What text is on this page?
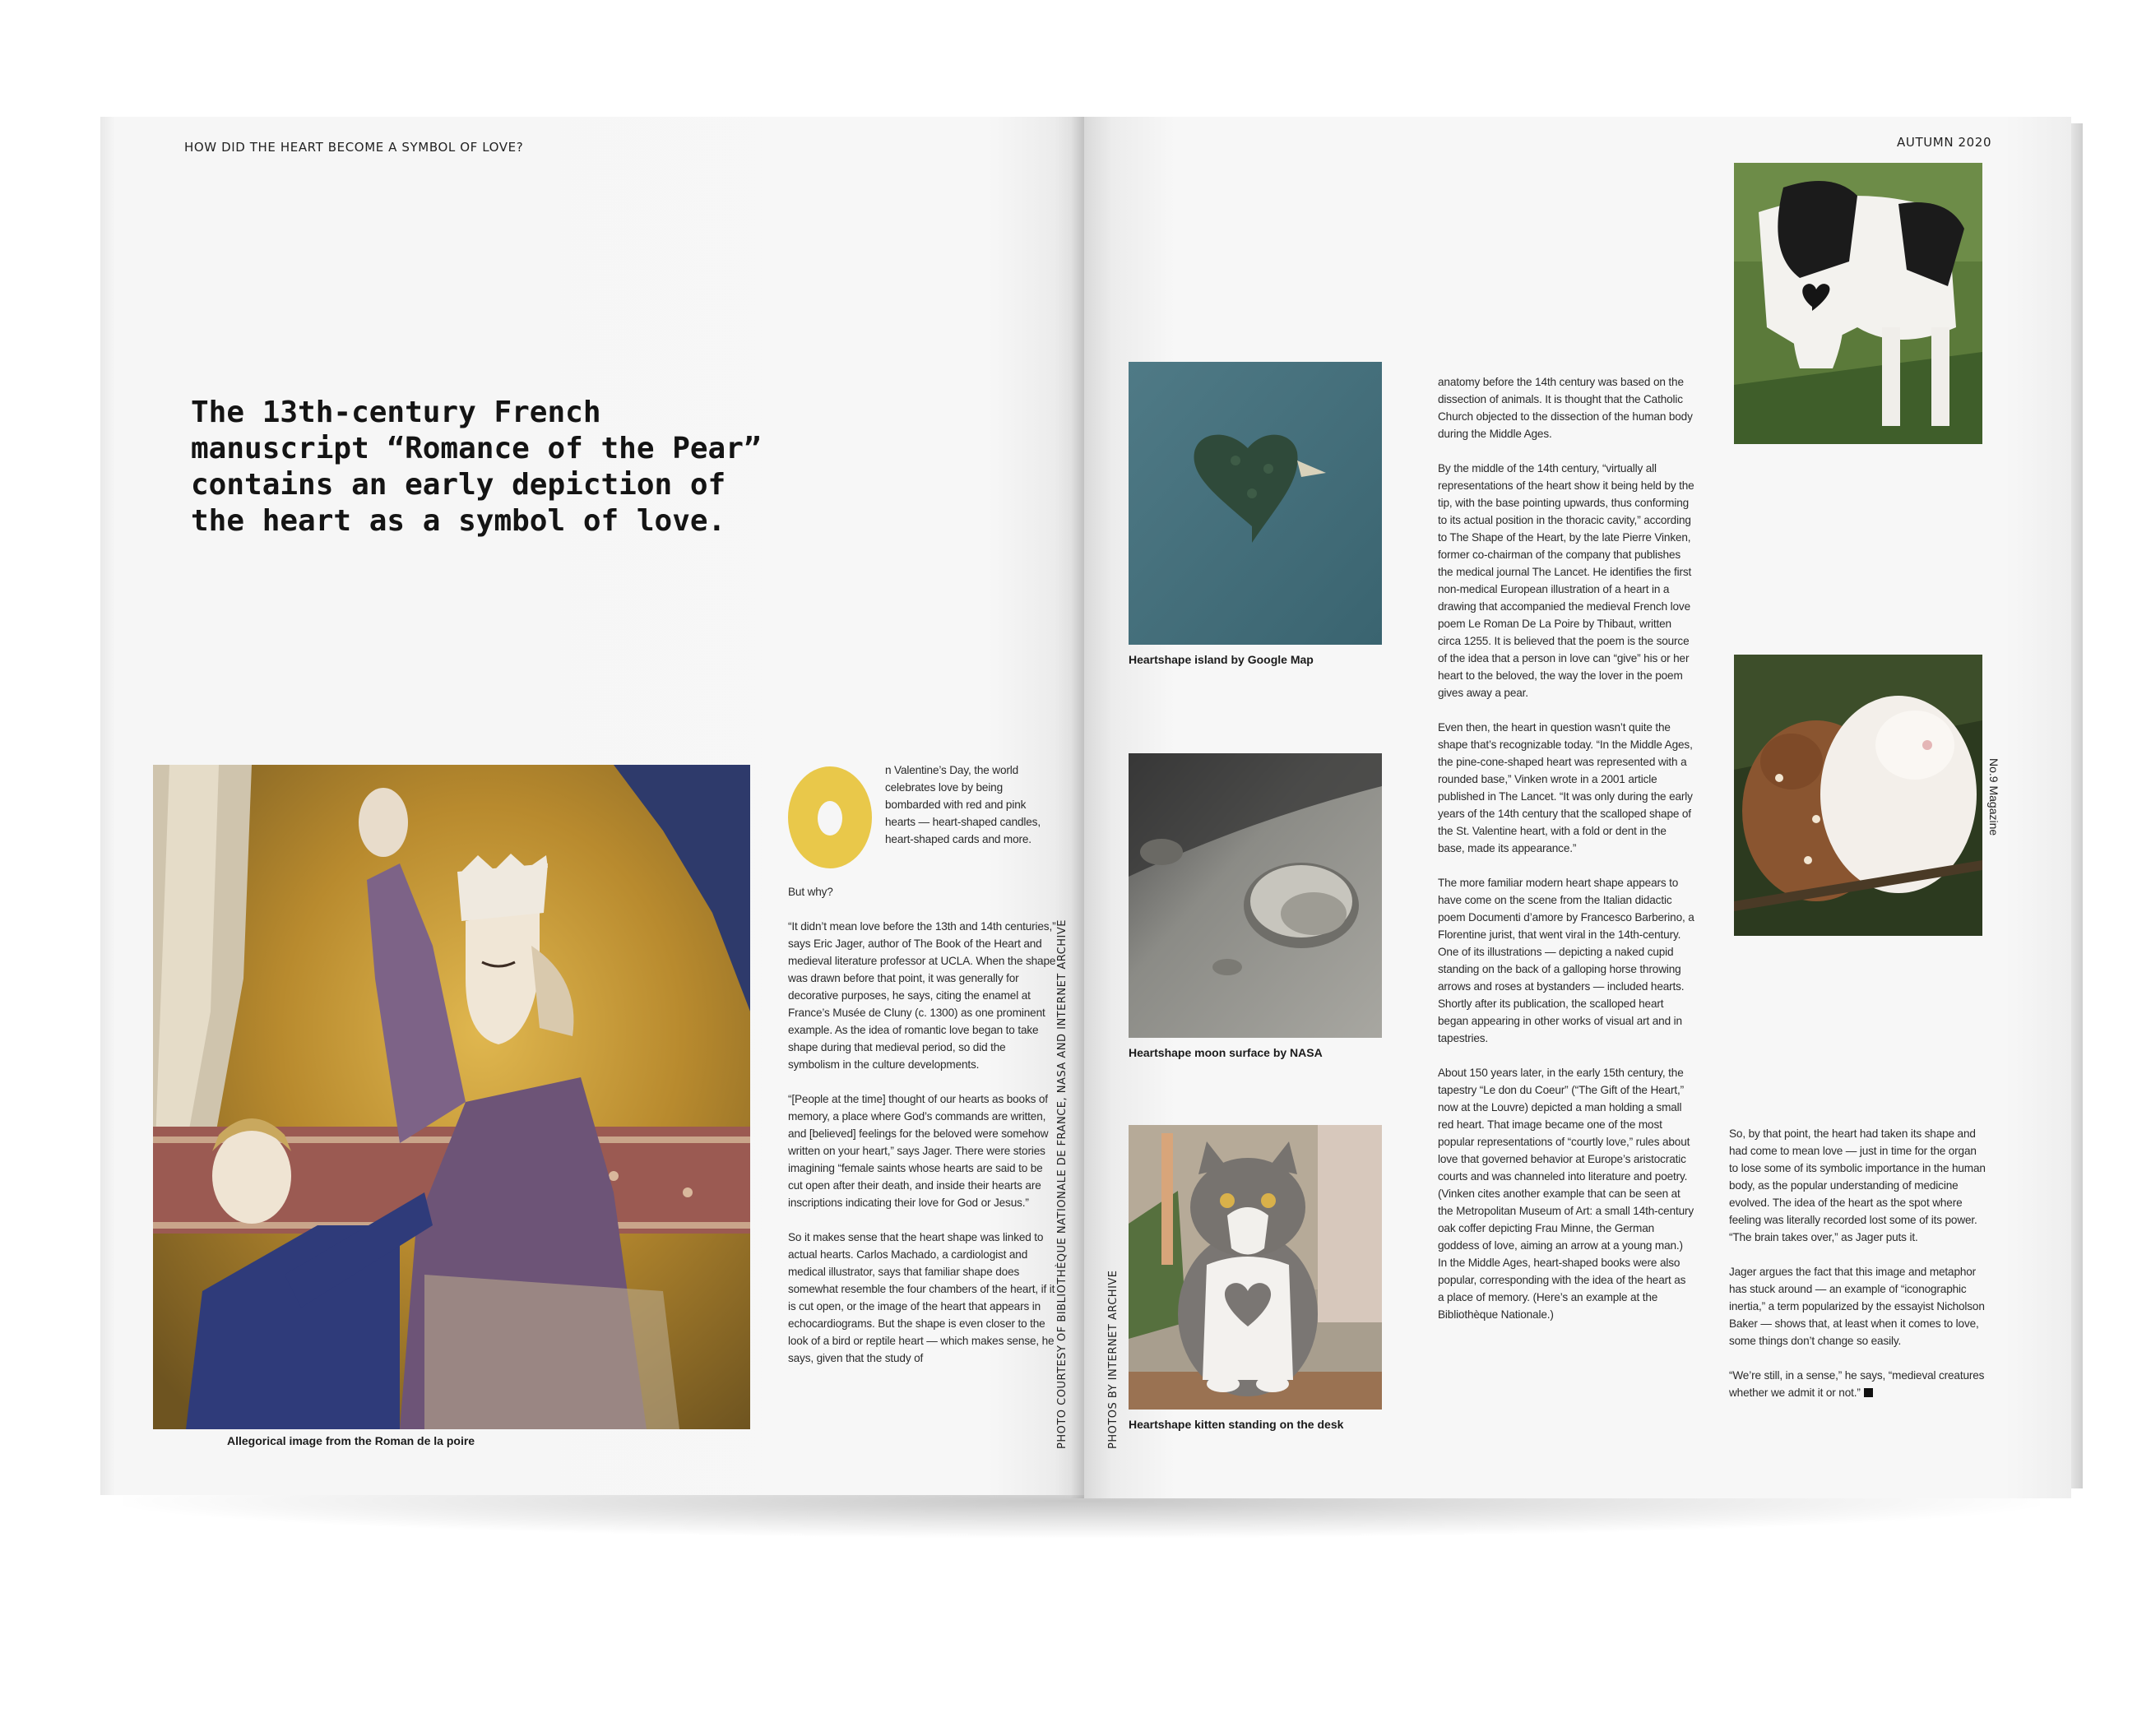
HOW DID THE HEART BECOME A SYMBOL OF LOVE?
The 13th-century French manuscript “Romance of the Pear” contains an early depiction of the heart as a symbol of love.
Allegorical image from the Roman de la poire
n Valentine’s Day, the world celebrates love by being bombarded with red and pink hearts — heart-shaped candles, heart-shaped cards and more.

But why?

“It didn’t mean love before the 13th and 14th centuries,” says Eric Jager, author of The Book of the Heart and medieval literature professor at UCLA. When the shape was drawn before that point, it was generally for decorative purposes, he says, citing the enamel at France’s Musée de Cluny (c. 1300) as one prominent example. As the idea of romantic love began to take shape during that medieval period, so did the symbolism in the culture developments.

“[People at the time] thought of our hearts as books of memory, a place where God’s commands are written, and [believed] feelings for the beloved were somehow written on your heart,” says Jager. There were stories imagining “female saints whose hearts are said to be cut open after their death, and inside their hearts are inscriptions indicating their love for God or Jesus.”

So it makes sense that the heart shape was linked to actual hearts. Carlos Machado, a cardiologist and medical illustrator, says that familiar shape does somewhat resemble the four chambers of the heart, if it is cut open, or the image of the heart that appears in echocardiograms. But the shape is even closer to the look of a bird or reptile heart — which makes sense, he says, given that the study of	PHOTO COURTESY OF BIBLIOTHÈQUE NATIONALE DE FRANCE, NASA AND INTERNET ARCHIVE
AUTUMN 2020
PHOTOS BY INTERNET ARCHIVE
Heartshape island by Google Map
Heartshape moon surface by NASA
Heartshape kitten standing on the desk

anatomy before the 14th century was based on the dissection of animals. It is thought that the Catholic Church objected to the dissection of the human body during the Middle Ages.

By the middle of the 14th century, “virtually all representations of the heart show it being held by the tip, with the base pointing upwards, thus conforming to its actual position in the thoracic cavity,” according to The Shape of the Heart, by the late Pierre Vinken, former co-chairman of the company that publishes the medical journal The Lancet. He identifies the first non-medical European illustration of a heart in a drawing that accompanied the medieval French love poem Le Roman De La Poire by Thibaut, written circa 1255. It is believed that the poem is the source of the idea that a person in love can “give” his or her heart to the beloved, the way the lover in the poem gives away a pear.

Even then, the heart in question wasn’t quite the shape that’s recognizable today. “In the Middle Ages, the pine-cone-shaped heart was represented with a rounded base,” Vinken wrote in a 2001 article published in The Lancet. “It was only during the early years of the 14th century that the scalloped shape of the St. Valentine heart, with a fold or dent in the base, made its appearance.”

The more familiar modern heart shape appears to have come on the scene from the Italian didactic poem Documenti d’amore by Francesco Barberino, a Florentine jurist, that went viral in the 14th-century. One of its illustrations — depicting a naked cupid standing on the back of a galloping horse throwing arrows and roses at bystanders — included hearts. Shortly after its publication, the scalloped heart began appearing in other works of visual art and in tapestries.

About 150 years later, in the early 15th century, the tapestry “Le don du Coeur” (“The Gift of the Heart,” now at the Louvre) depicted a man holding a small red heart. That image became one of the most popular representations of “courtly love,” rules about love that governed behavior at Europe’s aristocratic courts and was channeled into literature and poetry. (Vinken cites another example that can be seen at the Metropolitan Museum of Art: a small 14th-century oak coffer depicting Frau Minne, the German goddess of love, aiming an arrow at a young man.) In the Middle Ages, heart-shaped books were also popular, corresponding with the idea of the heart as a place of memory. (Here’s an example at the Bibliothèque Nationale.)

No.9 Magazine

So, by that point, the heart had taken its shape and had come to mean love — just in time for the organ to lose some of its symbolic importance in the human body, as the popular understanding of medicine evolved. The idea of the heart as the spot where feeling was literally recorded lost some of its power. “The brain takes over,” as Jager puts it.

Jager argues the fact that this image and metaphor has stuck around — an example of “iconographic inertia,” a term popularized by the essayist Nicholson Baker — shows that, at least when it comes to love, some things don’t change so easily.

“We’re still, in a sense,” he says, “medieval creatures whether we admit it or not.”
